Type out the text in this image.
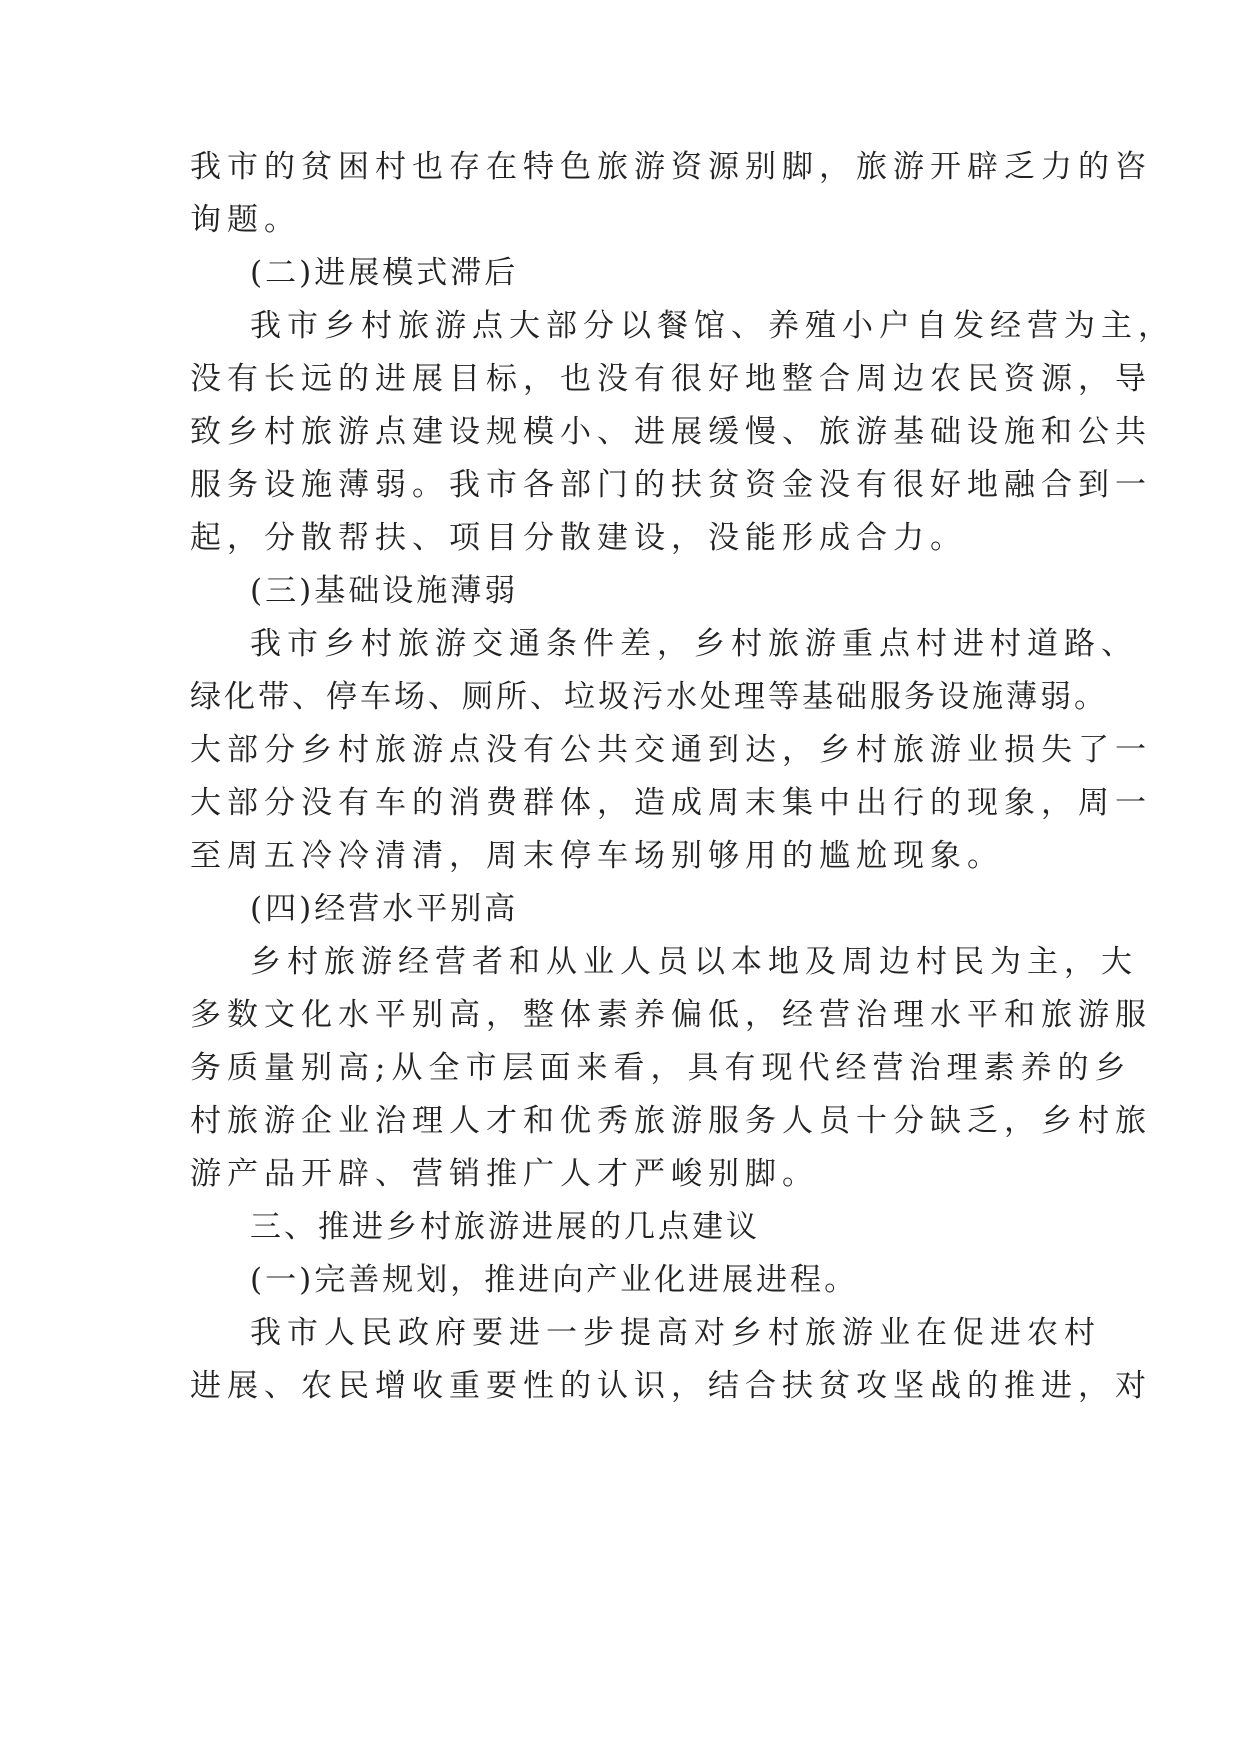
我市的贫困村也存在特色旅游资源别脚，旅游开辟乏力的咨
询题。
(二)进展模式滞后
我市乡村旅游点大部分以餐馆、养殖小户自发经营为主，
没有长远的进展目标，也没有很好地整合周边农民资源，导
致乡村旅游点建设规模小、进展缓慢、旅游基础设施和公共
服务设施薄弱。我市各部门的扶贫资金没有很好地融合到一
起，分散帮扶、项目分散建设，没能形成合力。
(三)基础设施薄弱
我市乡村旅游交通条件差，乡村旅游重点村进村道路、
绿化带、停车场、厕所、垃圾污水处理等基础服务设施薄弱。
大部分乡村旅游点没有公共交通到达，乡村旅游业损失了一
大部分没有车的消费群体，造成周末集中出行的现象，周一
至周五冷冷清清，周末停车场别够用的尴尬现象。
(四)经营水平别高
乡村旅游经营者和从业人员以本地及周边村民为主，大
多数文化水平别高，整体素养偏低，经营治理水平和旅游服
务质量别高;从全市层面来看，具有现代经营治理素养的乡
村旅游企业治理人才和优秀旅游服务人员十分缺乏，乡村旅
游产品开辟、营销推广人才严峻别脚。
三、推进乡村旅游进展的几点建议
(一)完善规划，推进向产业化进展进程。
我市人民政府要进一步提高对乡村旅游业在促进农村
进展、农民增收重要性的认识，结合扶贫攻坚战的推进，对
